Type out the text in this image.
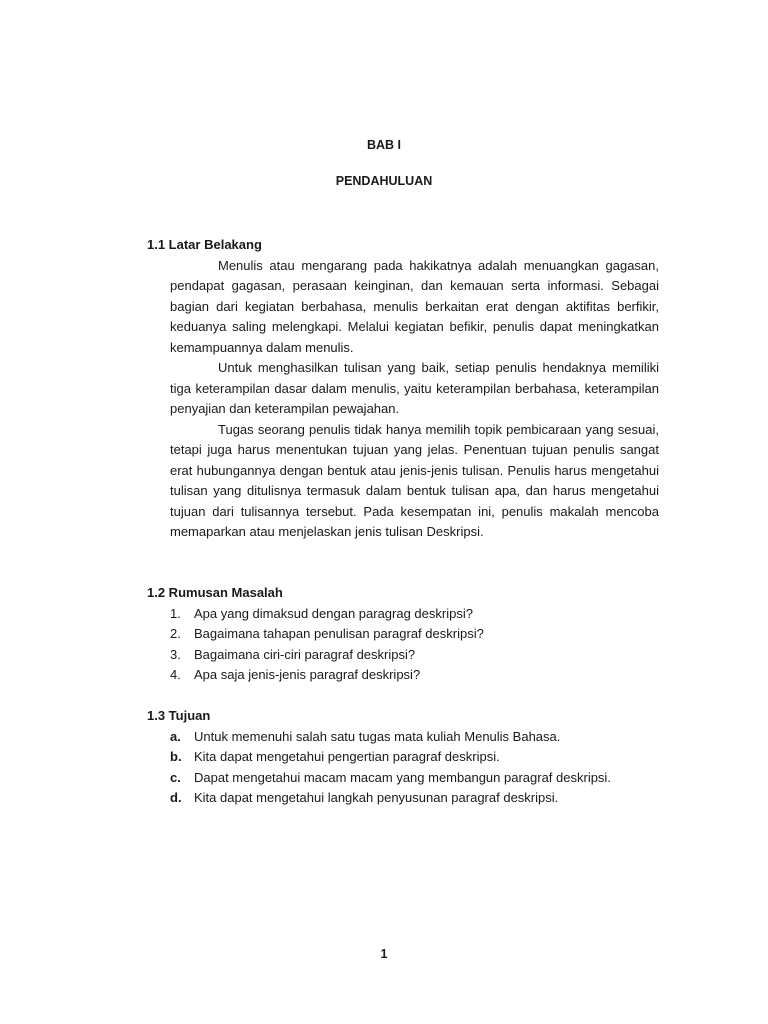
BAB I
PENDAHULUAN
1.1 Latar Belakang

Menulis atau mengarang pada hakikatnya adalah menuangkan gagasan, pendapat gagasan, perasaan keinginan, dan kemauan serta informasi. Sebagai bagian dari kegiatan berbahasa, menulis berkaitan erat dengan aktifitas berfikir, keduanya saling melengkapi. Melalui kegiatan befikir, penulis dapat meningkatkan kemampuannya dalam menulis.

Untuk menghasilkan tulisan yang baik, setiap penulis hendaknya memiliki tiga keterampilan dasar dalam menulis, yaitu keterampilan berbahasa, keterampilan penyajian dan keterampilan pewajahan.

Tugas seorang penulis tidak hanya memilih topik pembicaraan yang sesuai, tetapi juga harus menentukan tujuan yang jelas. Penentuan tujuan penulis sangat erat hubungannya dengan bentuk atau jenis-jenis tulisan. Penulis harus mengetahui tulisan yang ditulisnya termasuk dalam bentuk tulisan apa, dan harus mengetahui tujuan dari tulisannya tersebut. Pada kesempatan ini, penulis makalah mencoba memaparkan atau menjelaskan jenis tulisan Deskripsi.

1.2 Rumusan Masalah
1. Apa yang dimaksud dengan paragrag deskripsi?
2. Bagaimana tahapan penulisan paragraf deskripsi?
3. Bagaimana ciri-ciri paragraf deskripsi?
4. Apa saja jenis-jenis paragraf deskripsi?
1.3 Tujuan
a. Untuk memenuhi salah satu tugas mata kuliah Menulis Bahasa.
b. Kita dapat mengetahui pengertian paragraf deskripsi.
c. Dapat mengetahui macam macam yang membangun paragraf deskripsi.
d. Kita dapat mengetahui langkah penyusunan paragraf deskripsi.
1
